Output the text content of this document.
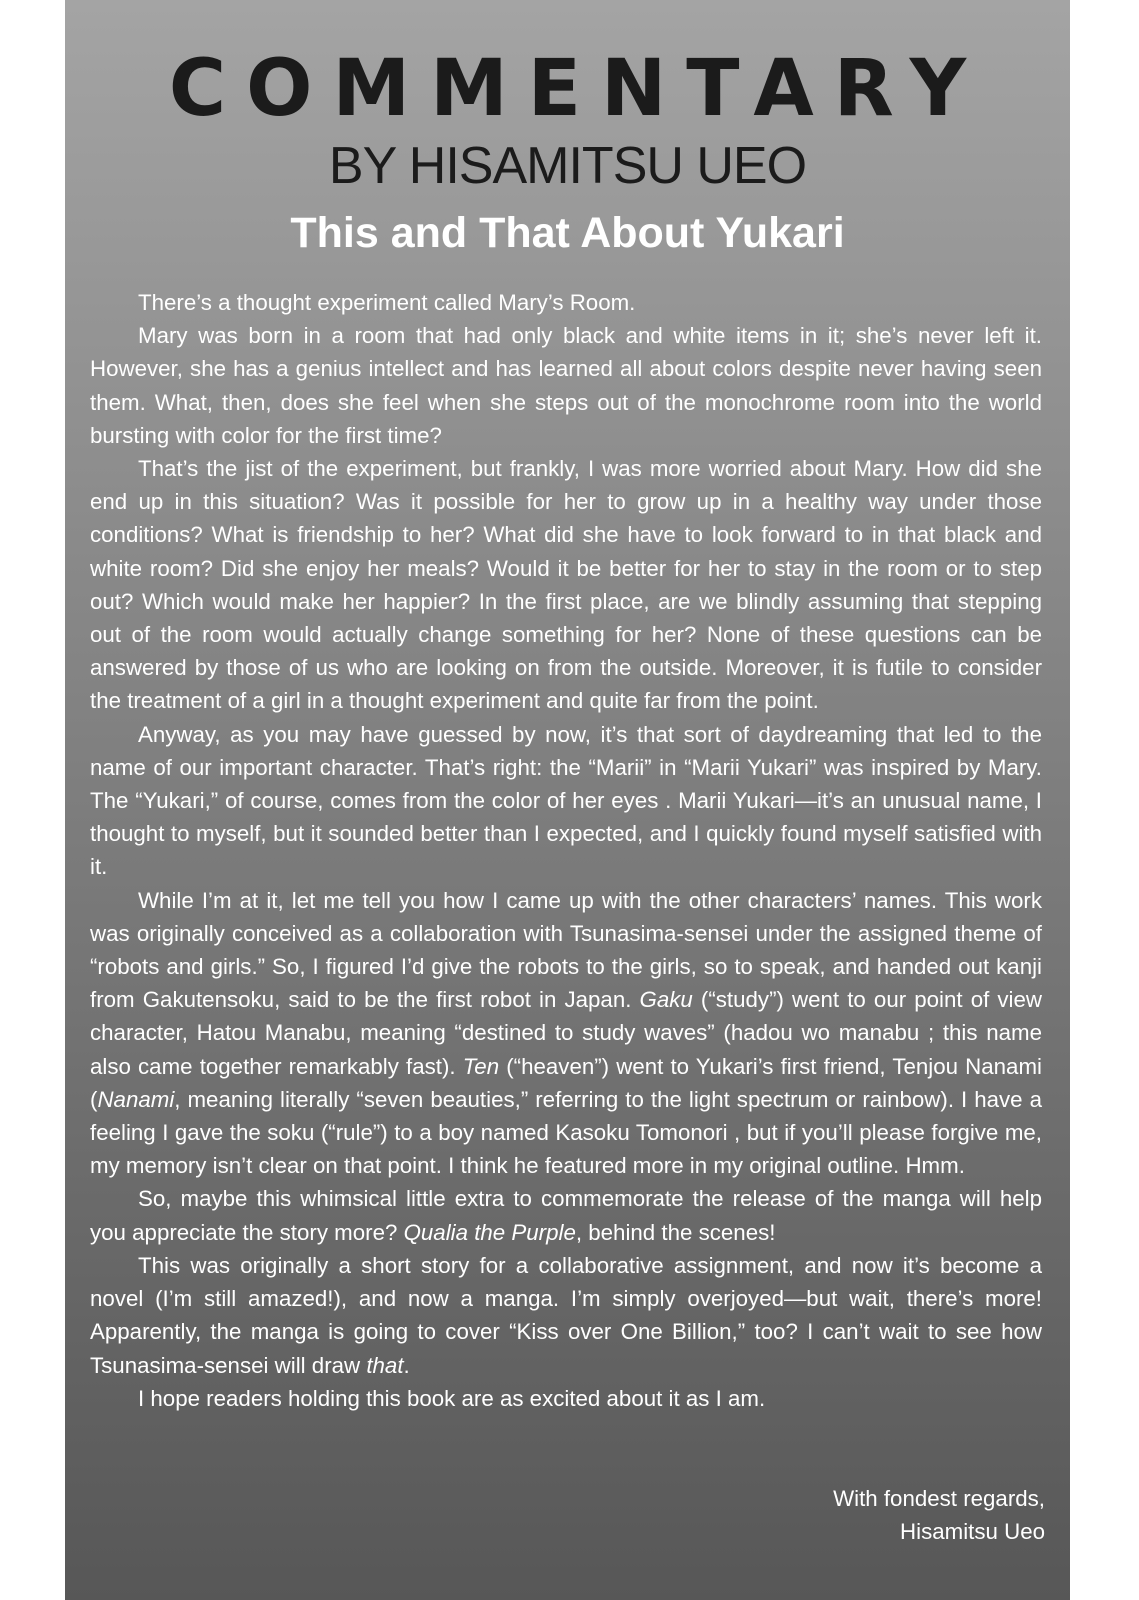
COMMENTARY
BY HISAMITSU UEO
This and That About Yukari

There’s a thought experiment called Mary’s Room.

Mary was born in a room that had only black and white items in it; she’s never left it. However, she has a genius intellect and has learned all about colors despite never having seen them. What, then, does she feel when she steps out of the monochrome room into the world bursting with color for the first time?

That’s the jist of the experiment, but frankly, I was more worried about Mary. How did she end up in this situation? Was it possible for her to grow up in a healthy way under those conditions? What is friendship to her? What did she have to look forward to in that black and white room? Did she enjoy her meals? Would it be better for her to stay in the room or to step out? Which would make her happier? In the first place, are we blindly assuming that stepping out of the room would actually change something for her? None of these questions can be answered by those of us who are looking on from the outside. Moreover, it is futile to consider the treatment of a girl in a thought experiment and quite far from the point.

Anyway, as you may have guessed by now, it’s that sort of daydreaming that led to the name of our important character. That’s right: the “Marii” in “Marii Yukari” was inspired by Mary. The “Yukari,” of course, comes from the color of her eyes . Marii Yukari—it’s an unusual name, I thought to myself, but it sounded better than I expected, and I quickly found myself satisfied with it.

While I’m at it, let me tell you how I came up with the other characters’ names. This work was originally conceived as a collaboration with Tsunasima-sensei under the assigned theme of “robots and girls.” So, I figured I’d give the robots to the girls, so to speak, and handed out kanji from Gakutensoku, said to be the first robot in Japan. Gaku (“study”) went to our point of view character, Hatou Manabu, meaning “destined to study waves” (hadou wo manabu ; this name also came together remarkably fast). Ten (“heaven”) went to Yukari’s first friend, Tenjou Nanami (Nanami, meaning literally “seven beauties,” referring to the light spectrum or rainbow). I have a feeling I gave the soku (“rule”) to a boy named Kasoku Tomonori , but if you’ll please forgive me, my memory isn’t clear on that point. I think he featured more in my original outline. Hmm.

So, maybe this whimsical little extra to commemorate the release of the manga will help you appreciate the story more? Qualia the Purple, behind the scenes!

This was originally a short story for a collaborative assignment, and now it’s become a novel (I’m still amazed!), and now a manga. I’m simply overjoyed—but wait, there’s more! Apparently, the manga is going to cover “Kiss over One Billion,” too? I can’t wait to see how Tsunasima-sensei will draw that.

I hope readers holding this book are as excited about it as I am.

With fondest regards,
Hisamitsu Ueo
